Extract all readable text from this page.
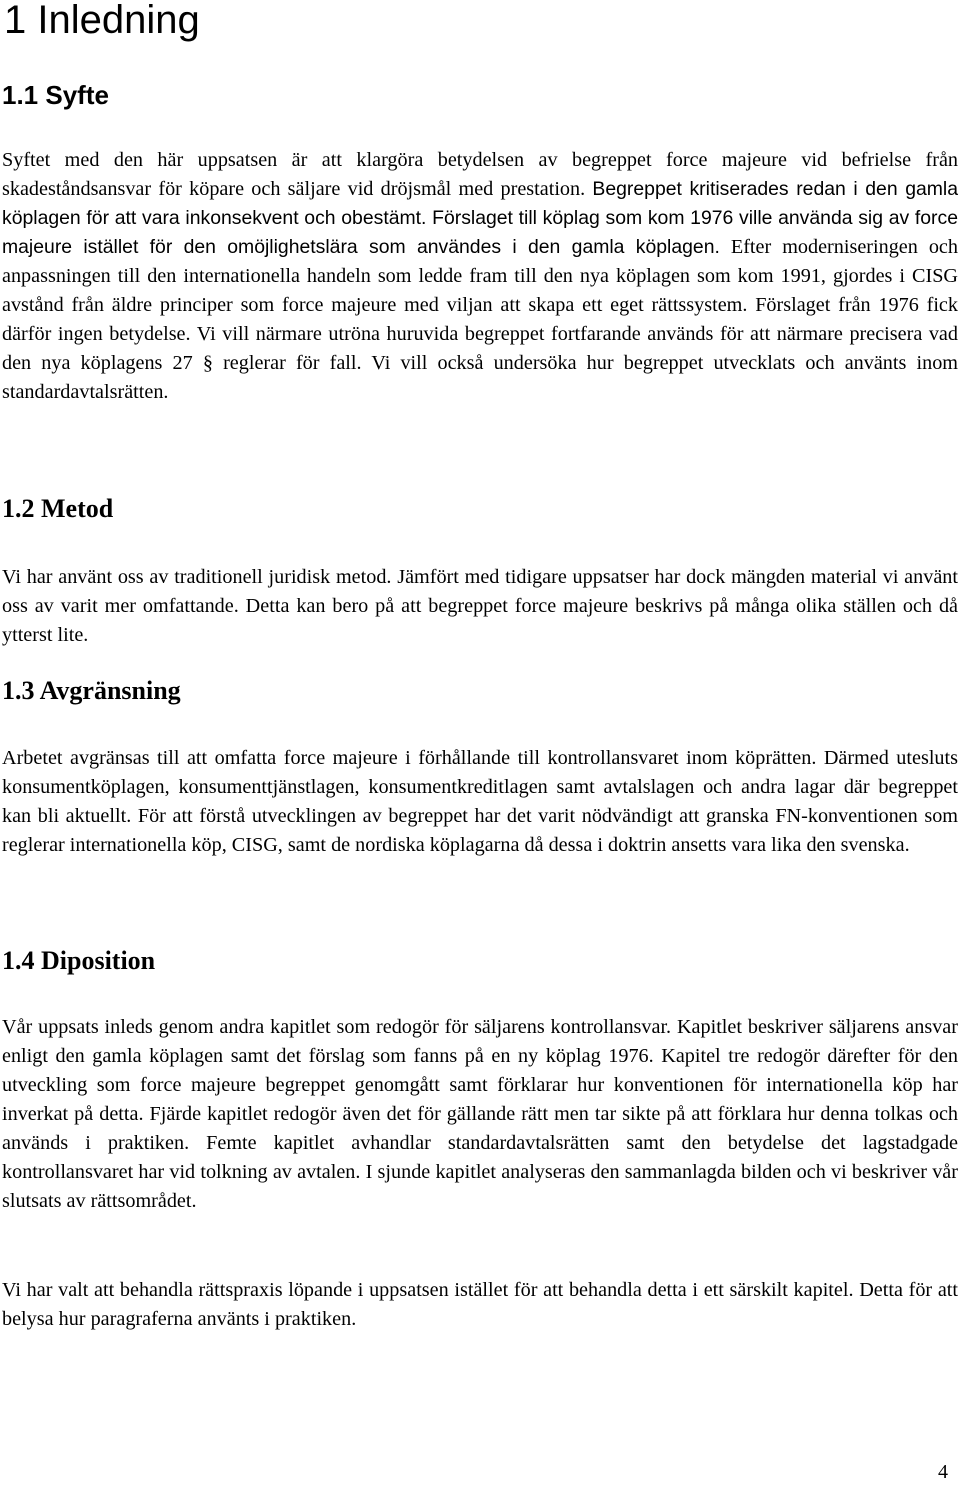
1 Inledning
1.1 Syfte

Syftet med den här uppsatsen är att klargöra betydelsen av begreppet force majeure vid befrielse från skadeståndsansvar för köpare och säljare vid dröjsmål med prestation. Begreppet kritiserades redan i den gamla köplagen för att vara inkonsekvent och obestämt. Förslaget till köplag som kom 1976 ville använda sig av force majeure istället för den omöjlighetslära som användes i den gamla köplagen. Efter moderniseringen och anpassningen till den internationella handeln som ledde fram till den nya köplagen som kom 1991, gjordes i CISG avstånd från äldre principer som force majeure med viljan att skapa ett eget rättssystem. Förslaget från 1976 fick därför ingen betydelse. Vi vill närmare utröna huruvida begreppet fortfarande används för att närmare precisera vad den nya köplagens 27 § reglerar för fall. Vi vill också undersöka hur begreppet utvecklats och använts inom standardavtalsrätten.

1.2 Metod

Vi har använt oss av traditionell juridisk metod. Jämfört med tidigare uppsatser har dock mängden material vi använt oss av varit mer omfattande. Detta kan bero på att begreppet force majeure beskrivs på många olika ställen och då ytterst lite.

1.3 Avgränsning

Arbetet avgränsas till att omfatta force majeure i förhållande till kontrollansvaret inom köprätten. Därmed utesluts konsumentköplagen, konsumenttjänstlagen, konsumentkreditlagen samt avtalslagen och andra lagar där begreppet kan bli aktuellt. För att förstå utvecklingen av begreppet har det varit nödvändigt att granska FN-konventionen som reglerar internationella köp, CISG, samt de nordiska köplagarna då dessa i doktrin ansetts vara lika den svenska.

1.4 Diposition

Vår uppsats inleds genom andra kapitlet som redogör för säljarens kontrollansvar. Kapitlet beskriver säljarens ansvar enligt den gamla köplagen samt det förslag som fanns på en ny köplag 1976. Kapitel tre redogör därefter för den utveckling som force majeure begreppet genomgått samt förklarar hur konventionen för internationella köp har inverkat på detta. Fjärde kapitlet redogör även det för gällande rätt men tar sikte på att förklara hur denna tolkas och används i praktiken. Femte kapitlet avhandlar standardavtalsrätten samt den betydelse det lagstadgade kontrollansvaret har vid tolkning av avtalen. I sjunde kapitlet analyseras den sammanlagda bilden och vi beskriver vår slutsats av rättsområdet.

Vi har valt att behandla rättspraxis löpande i uppsatsen istället för att behandla detta i ett särskilt kapitel. Detta för att belysa hur paragraferna använts i praktiken.

4
